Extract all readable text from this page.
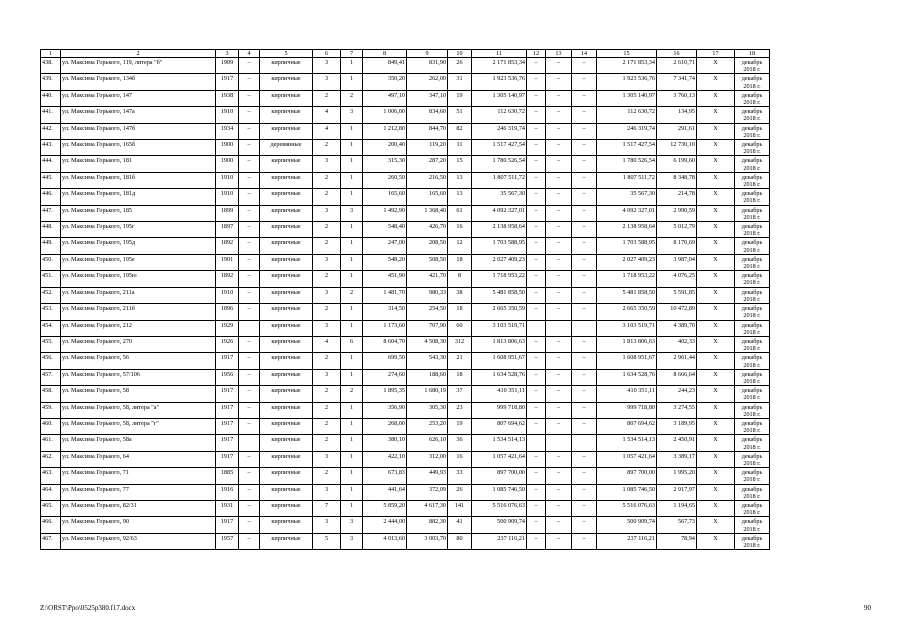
1	2	3	4	5	6	7	8	9	10	11	12	13	14	15	16	17	18
438.	ул. Максима Горького, 119, литера "б"	1909	–	кирпичные	3	1	849,41	831,90	26	2 171 853,34	–	–	–	2 171 853,34	2 610,71	X	декабрь 2018 г.
439.	ул. Максима Горького, 134б	1917	–	кирпичные	3	1	350,20	262,00	31	1 923 536,76	–	–	–	1 923 536,76	7 341,74	X	декабрь 2018 г.
440.	ул. Максима Горького, 147	1938	–	кирпичные	2	2	497,10	347,10	19	1 305 140,97	–	–	–	1 305 140,97	3 760,13	X	декабрь 2018 г.
441.	ул. Максима Горького, 147а	1910	–	кирпичные	4	3	1 006,00	834,60	51	112 630,72	–	–	–	112 630,72	134,95	X	декабрь 2018 г.
442.	ул. Максима Горького, 147б	1934	–	кирпичные	4	1	1 212,80	844,70	82	246 319,74	–	–	–	246 319,74	291,61	X	декабрь 2018 г.
443.	ул. Максима Горького, 165б	1900	–	деревянные	2	1	200,40	119,20	11	1 517 427,54	–	–	–	1 517 427,54	12 730,10	X	декабрь 2018 г.
444.	ул. Максима Горького, 181	1900	–	кирпичные	3	1	315,30	287,20	15	1 780 526,54	–	–	–	1 780 526,54	6 199,60	X	декабрь 2018 г.
445.	ул. Максима Горького, 181б	1910	–	кирпичные	2	1	260,50	216,50	13	1 807 511,72	–	–	–	1 807 511,72	8 348,78	X	декабрь 2018 г.
446.	ул. Максима Горького, 181д	1910	–	кирпичные	2	1	165,60	165,60	13	35 567,30	–	–	–	35 567,30	214,78	X	декабрь 2018 г.
447.	ул. Максима Горького, 185	1899	–	кирпичные	3	3	1 492,90	1 368,40	61	4 092 327,01	–	–	–	4 092 327,01	2 990,59	X	декабрь 2018 г.
448.	ул. Максима Горького, 195г	1897	–	кирпичные	2	1	548,40	426,70	16	2 138 958,64	–	–	–	2 138 958,64	5 012,79	X	декабрь 2018 г.
449.	ул. Максима Горького, 195д	1892	–	кирпичные	2	1	247,00	208,50	12	1 703 588,95	–	–	–	1 703 588,95	8 170,69	X	декабрь 2018 г.
450.	ул. Максима Горького, 195е	1901	–	кирпичные	3	1	548,20	508,50	18	2 027 409,23	–	–	–	2 027 409,23	3 987,04	X	декабрь 2018 г.
451.	ул. Максима Горького, 195ю	1892	–	кирпичные	2	1	451,90	421,70	8	1 718 953,22	–	–	–	1 718 953,22	4 076,25	X	декабрь 2018 г.
452.	ул. Максима Горького, 211а	1910	–	кирпичные	3	2	1 481,70	980,33	38	5 481 858,50	–	–	–	5 481 858,50	5 591,85	X	декабрь 2018 г.
453.	ул. Максима Горького, 211б	1896	–	кирпичные	2	1	314,50	254,50	18	2 665 350,59	–	–	–	2 665 350,59	10 472,89	X	декабрь 2018 г.
454.	ул. Максима Горького, 212	1929		кирпичные	3	1	1 173,60	707,90	60	3 103 519,71				3 103 519,71	4 389,70	X	декабрь 2018 г.
455.	ул. Максима Горького, 270	1926	–	кирпичные	4	6	8 604,70	4 508,30	312	1 813 806,63	–	–	–	1 813 806,63	402,33	X	декабрь 2018 г.
456.	ул. Максима Горького, 56	1917	–	кирпичные	2	1	699,50	543,30	21	1 608 951,67	–	–	–	1 608 951,67	2 961,44	X	декабрь 2018 г.
457.	ул. Максима Горького, 57/106	1956	–	кирпичные	3	1	274,60	188,60	18	1 634 528,76	–	–	–	1 634 528,76	8 666,64	X	декабрь 2018 г.
458.	ул. Максима Горького, 58	1917	–	кирпичные	2	2	1 895,35	1 680,19	37	410 351,11	–	–	–	410 351,11	244,23	X	декабрь 2018 г.
459.	ул. Максима Горького, 58, литера "а"	1917	–	кирпичные	2	1	356,90	305,30	23	999 718,80	–	–	–	999 718,80	3 274,55	X	декабрь 2018 г.
460.	ул. Максима Горького, 58, литера "г"	1917	–	кирпичные	2	1	268,00	253,20	19	807 694,62	–	–	–	807 694,62	3 189,95	X	декабрь 2018 г.
461.	ул. Максима Горького, 58а	1917		кирпичные	2	1	380,10	626,10	36	1 534 514,13				1 534 514,13	2 450,91	X	декабрь 2018 г.
462.	ул. Максима Горького, 64	1917	–	кирпичные	3	1	422,10	312,00	16	1 057 421,64	–	–	–	1 057 421,64	3 389,17	X	декабрь 2018 г.
463.	ул. Максима Горького, 71	1885	–	кирпичные	2	1	673,83	449,93	33	897 700,00	–	–	–	897 700,00	1 995,20	X	декабрь 2018 г.
464.	ул. Максима Горького, 77	1916	–	кирпичные	3	1	441,64	372,09	26	1 085 746,50	–	–	–	1 085 746,50	2 917,97	X	декабрь 2018 г.
465.	ул. Максима Горького, 82/31	1931	–	кирпичные	7	1	5 859,20	4 617,30	141	5 516 076,63	–	–	–	5 516 076,63	1 194,65	X	декабрь 2018 г.
466.	ул. Максима Горького, 90	1917	–	кирпичные	3	3	2 444,00	882,30	41	500 909,74	–	–	–	500 909,74	567,73	X	декабрь 2018 г.
467.	ул. Максима Горького, 92/63	1957	–	кирпичные	5	3	4 013,60	3 003,70	80	237 116,21	–	–	–	237 116,21	78,94	X	декабрь 2018 г.
Z:\ORST\Ppo\0525p380.f17.docx	90
